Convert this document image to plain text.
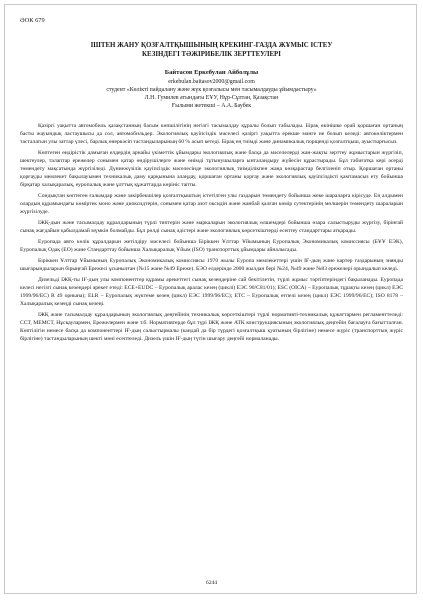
ӘОК 679
ІШТЕН ЖАНУ ҚОЗҒАЛТҚЫШЫНЫҢ КРЕКИНГ-ГАЗДА ЖҰМЫС ІСТЕУ
КЕЗІНДЕГІ ТӘЖІРИБЕЛІК ЗЕРТТЕУЛЕРІ
Байтасов Еркебулан Айболұлы
erkebulan.baitasov2000@gmail.com
студент «Көлікті пайдалану және жүк қозғалысы мен тасымалдауды ұйымдастыру»
Л.Н. Гумилев атындағы ЕҰУ, Нұр-Сұлтан, Қазақстан
Ғылыми жетекші – А.А. Баубек

Қазіргі уақытта автомобиль қазақстанның басым көпшілігінің негізгі тасымалдау құралы болып табылады. Бірақ өкінішке орай қоршаған ортаның басты жауындық ластаушысы да сол, автомобильдер. Экологиялық қауіпсіздік мәселесі қазіргі уақытта ерекше мәнге ие болып келеді: автокөліктермен тасталатын улы заттар үлесі, барлық өнеркәсіп тастандыларының 60 % асып кетеді. Бірақ ең тиімді және динамикалық порщенді қозғалтқыш, ауыстырғысыз.

Көптеген өндірістік дамыған елдердің арнайы үкіметтік ұйымдары экологиялық және басқа да мәселелерді жан-жақты зерттеу жұмыстарын жүргізіп, шектеулер, талаптар ережелер сонымен қатар өндірушілерге және өнімді тұтынушыларға ынталандыру жүйесін құрастырады. Бұл табиғатқа кері әсерді төмендету мақсатында жүргізіледі. Дүниежүзілік қауіпсіздік мәселесінде экологиялық тиімділікпен жаңа көзқарастар белгіленіп отыр. Қоршаған ортаны қорғауды мемлекет бақылауымен техникалық даму қарқынына алаңдау, қоршаған ортаны қорғау және экологиялық қауіпсіздікті қамтамасыз ету бойынша бірқатар халықаралық, еуропалық және ұлттық құжаттарда көрініс тапты.

Сондықтан көптеген ғалымдар және зәкірбекшілер қозғалтқыштың істетілген улы газдарын төмендету бойынша жеке шараларға кірісуде. Ең алдымен олардың құрамындағы көміртек моно және диоксидтерін, сонымен қатар азот оксидін және жанбай қалған көмір сутектерінің мөлшерін төмендету шараларын жүргізілуде.

ІЖҚ-дын және тасымалдау құралдарының түрлі типтерін және маркаларын экологиялық өлшемдері бойынша өзара салыстыруды жүргізу, бірінғай сынақ жағдайын қабылдамай мүмкін болмайды. Бұл рөлді сынақ әдістері және экологиялық көрсеткіштерді есептеу стандарттары атқарады.

Еуропада авто көлік құралдарын жетілдіру мәселесі бойынша Біріккен Ұлттар Ұйымының Еуропалық Экономикалық комиссиясы (БҰҰ ЕЭК), Еуропалық Одақ (ЕО) және Стандарттау бойынша Халықаралық Ұйым (ISO) транспорттық ұйымдары айналысады.

Біріккен Ұлттар Ұйымының Еуропалық Экономикалық комиссиясы 1970 жылы Еуропа мемлекеттері үшін ІҒ-дың және картер газдарының зиянды шығарындыларын бірыңғай Ережесі ұсынылған (№15 және №49 Ереже). БЭО елдерінде 2000 жылдан бері №24, №49 және №83 ережелері орындалып келеді.

Дизельді ІЖҚ-ты ІҒ-дың улы компоненттер құрамы әрекеттегі сынақ кезеңдеріне сай бекітілетін, түрлі жұмыс тәртіптеріндегі бақыланады. Еуропада келесі негізгі сынақ кезеңдері әрекет етеді: ECE+EUDC – Еуропалық аралас кезең (циклі) ЕЭС 90/С81/01); ESC (ОІСА) – Еуропалық тұрақты кезең (цикл) ЕЭС 1999/96/EC) R 49 орнына); ELR – Еуропалық жүктеме кезең (цикл) ЕЭС 1999/96/EC); ETC – Еуропалық өтпелі кезең (цикл) ЕЭС 1999/96/EC); ISO 8178 – Халықаралық кезеңді сынақ кезеңі.

ІЖҚ және тасымалдау құралдарының экологиялық деңгейінің техникалық көрсеткіштері түрлі нормативті-техникалық құжаттармен регламенттеледі: ССТ, МЕМСТ, Нұсқаулармен, Ережелермен және т.б. Нормативтерде бұл түрі ІЖҚ және АТК конструкциясының экологиялық деңгейін бағалауға бағытталған. Көптілігін немесе басқа да компоненттері ІҒ-дың салыстырмалы (кандай да бір түрдегі қозғалтқыш қуатының бірлігіне) немесе жүріс (транспорттың жүріс бірлігіне) тастандыларының шекті мөні есептеледі. Дизель үшін ІҒ-дың түтін шығару деңгейі нормаланады.

6244
